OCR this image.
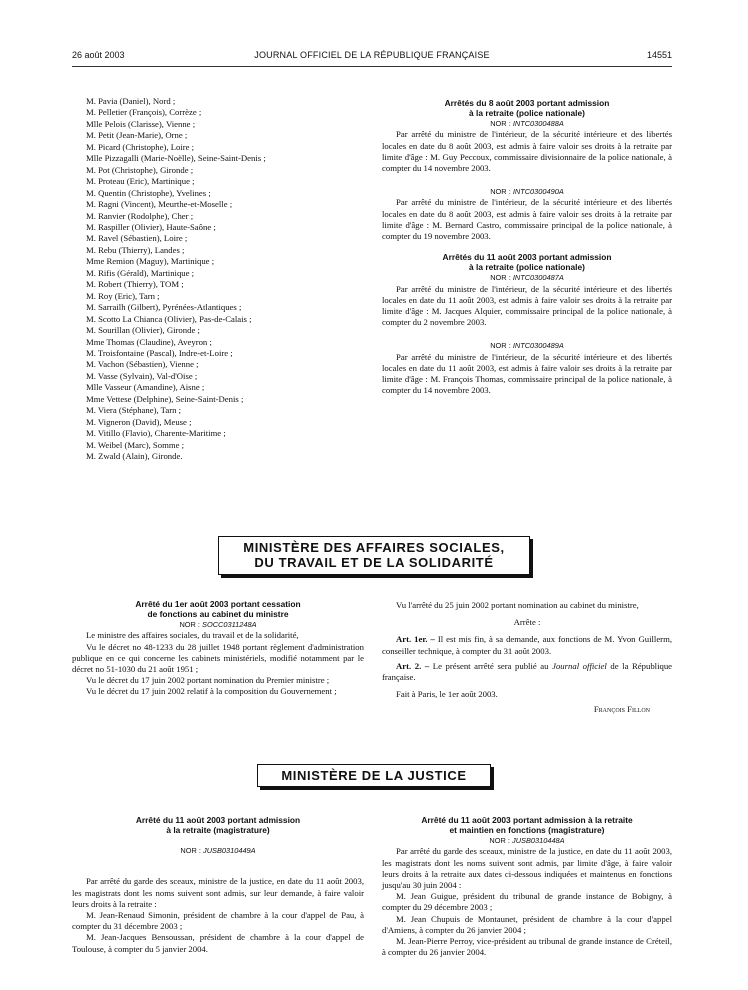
26 août 2003	JOURNAL OFFICIEL DE LA RÉPUBLIQUE FRANÇAISE	14551

M. Pavia (Daniel), Nord ;

M. Pelletier (François), Corrèze ;

Mlle Pelois (Clarisse), Vienne ;

M. Petit (Jean-Marie), Orne ;

M. Picard (Christophe), Loire ;

Mlle Pizzagalli (Marie-Noëlle), Seine-Saint-Denis ;

M. Pot (Christophe), Gironde ;

M. Proteau (Eric), Martinique ;

M. Quentin (Christophe), Yvelines ;

M. Ragni (Vincent), Meurthe-et-Moselle ;

M. Ranvier (Rodolphe), Cher ;

M. Raspiller (Olivier), Haute-Saône ;

M. Ravel (Sébastien), Loire ;

M. Rebu (Thierry), Landes ;

Mme Remion (Maguy), Martinique ;

M. Rifis (Gérald), Martinique ;

M. Robert (Thierry), TOM ;

M. Roy (Eric), Tarn ;

M. Sarrailh (Gilbert), Pyrénées-Atlantiques ;

M. Scotto La Chianca (Olivier), Pas-de-Calais ;

M. Sourillan (Olivier), Gironde ;

Mme Thomas (Claudine), Aveyron ;

M. Troisfontaine (Pascal), Indre-et-Loire ;

M. Vachon (Sébastien), Vienne ;

M. Vasse (Sylvain), Val-d'Oise ;

Mlle Vasseur (Amandine), Aisne ;

Mme Vettese (Delphine), Seine-Saint-Denis ;

M. Viera (Stéphane), Tarn ;

M. Vigneron (David), Meuse ;

M. Vitillo (Flavio), Charente-Maritime ;

M. Weibel (Marc), Somme ;

M. Zwald (Alain), Gironde.

Arrêtés du 8 août 2003 portant admission
à la retraite (police nationale)

NOR : INTC0300488A

Par arrêté du ministre de l'intérieur, de la sécurité intérieure et des libertés locales en date du 8 août 2003, est admis à faire valoir ses droits à la retraite par limite d'âge : M. Guy Peccoux, commissaire divisionnaire de la police nationale, à compter du 14 novembre 2003.

NOR : INTC0300490A

Par arrêté du ministre de l'intérieur, de la sécurité intérieure et des libertés locales en date du 8 août 2003, est admis à faire valoir ses droits à la retraite par limite d'âge : M. Bernard Castro, commissaire principal de la police nationale, à compter du 19 novembre 2003.

Arrêtés du 11 août 2003 portant admission
à la retraite (police nationale)

NOR : INTC0300487A

Par arrêté du ministre de l'intérieur, de la sécurité intérieure et des libertés locales en date du 11 août 2003, est admis à faire valoir ses droits à la retraite par limite d'âge : M. Jacques Alquier, commissaire principal de la police nationale, à compter du 2 novembre 2003.

NOR : INTC0300489A

Par arrêté du ministre de l'intérieur, de la sécurité intérieure et des libertés locales en date du 11 août 2003, est admis à faire valoir ses droits à la retraite par limite d'âge : M. François Thomas, commissaire principal de la police nationale, à compter du 14 novembre 2003.

MINISTÈRE DES AFFAIRES SOCIALES,
DU TRAVAIL ET DE LA SOLIDARITÉ

Arrêté du 1er août 2003 portant cessation
de fonctions au cabinet du ministre

NOR : SOCC0311248A

Le ministre des affaires sociales, du travail et de la solidarité,

Vu le décret no 48-1233 du 28 juillet 1948 portant règlement d'administration publique en ce qui concerne les cabinets ministériels, modifié notamment par le décret no 51-1030 du 21 août 1951 ;

Vu le décret du 17 juin 2002 portant nomination du Premier ministre ;

Vu le décret du 17 juin 2002 relatif à la composition du Gouvernement ;

Vu l'arrêté du 25 juin 2002 portant nomination au cabinet du ministre,

Arrête :

Art. 1er. – Il est mis fin, à sa demande, aux fonctions de M. Yvon Guillerm, conseiller technique, à compter du 31 août 2003.

Art. 2. – Le présent arrêté sera publié au Journal officiel de la République française.

Fait à Paris, le 1er août 2003.

François Fillon

MINISTÈRE DE LA JUSTICE

Arrêté du 11 août 2003 portant admission
à la retraite (magistrature)

NOR : JUSB0310449A

Par arrêté du garde des sceaux, ministre de la justice, en date du 11 août 2003, les magistrats dont les noms suivent sont admis, sur leur demande, à faire valoir leurs droits à la retraite :

M. Jean-Renaud Simonin, président de chambre à la cour d'appel de Pau, à compter du 31 décembre 2003 ;

M. Jean-Jacques Bensoussan, président de chambre à la cour d'appel de Toulouse, à compter du 5 janvier 2004.

Arrêté du 11 août 2003 portant admission à la retraite
et maintien en fonctions (magistrature)

NOR : JUSB0310448A

Par arrêté du garde des sceaux, ministre de la justice, en date du 11 août 2003, les magistrats dont les noms suivent sont admis, par limite d'âge, à faire valoir leurs droits à la retraite aux dates ci-dessous indiquées et maintenus en fonctions jusqu'au 30 juin 2004 :

M. Jean Guigue, président du tribunal de grande instance de Bobigny, à compter du 29 décembre 2003 ;

M. Jean Chupuis de Montaunet, président de chambre à la cour d'appel d'Amiens, à compter du 26 janvier 2004 ;

M. Jean-Pierre Perroy, vice-président au tribunal de grande instance de Créteil, à compter du 26 janvier 2004.
